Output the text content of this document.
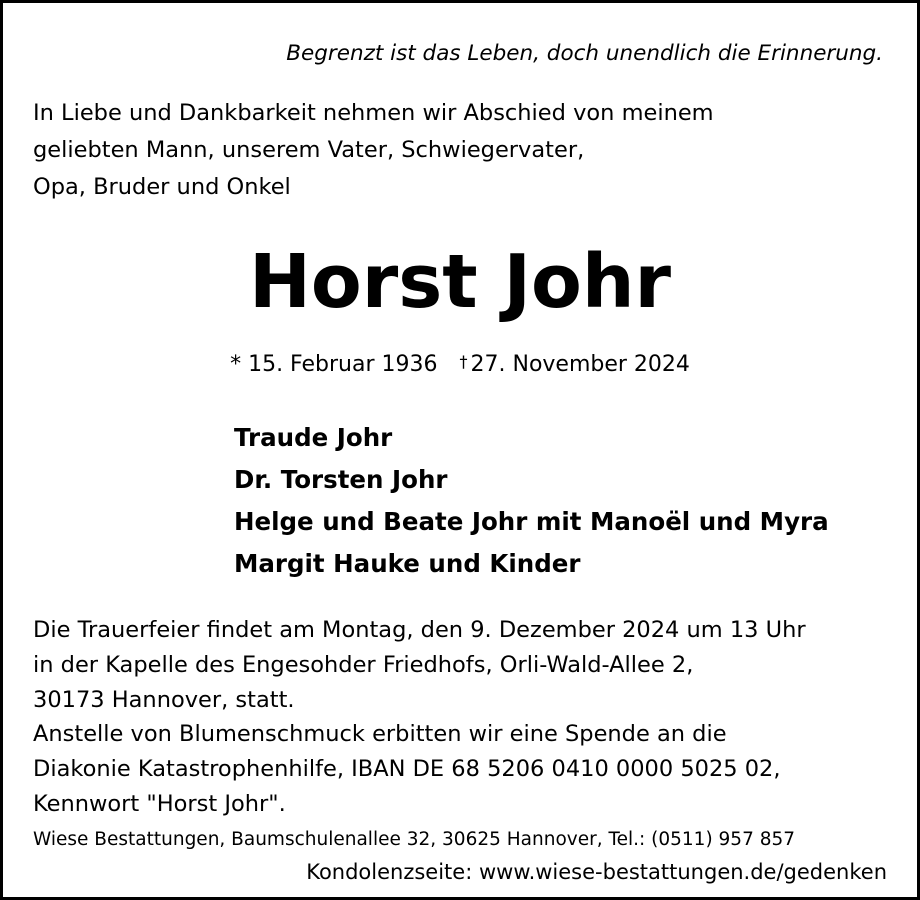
Begrenzt ist das Leben, doch unendlich die Erinnerung.
In Liebe und Dankbarkeit nehmen wir Abschied von meinem
geliebten Mann, unserem Vater, Schwiegervater,
Opa, Bruder und Onkel
Horst Johr
* 15. Februar 1936 † 27. November 2024
Traude Johr
Dr. Torsten Johr
Helge und Beate Johr mit Manoël und Myra
Margit Hauke und Kinder
Die Trauerfeier findet am Montag, den 9. Dezember 2024 um 13 Uhr
in der Kapelle des Engesohder Friedhofs, Orli-Wald-Allee 2,
30173 Hannover, statt.
Anstelle von Blumenschmuck erbitten wir eine Spende an die
Diakonie Katastrophenhilfe, IBAN DE 68 5206 0410 0000 5025 02,
Kennwort "Horst Johr".
Wiese Bestattungen, Baumschulenallee 32, 30625 Hannover, Tel.: (0511) 957 857
Kondolenzseite: www.wiese-bestattungen.de/gedenken
